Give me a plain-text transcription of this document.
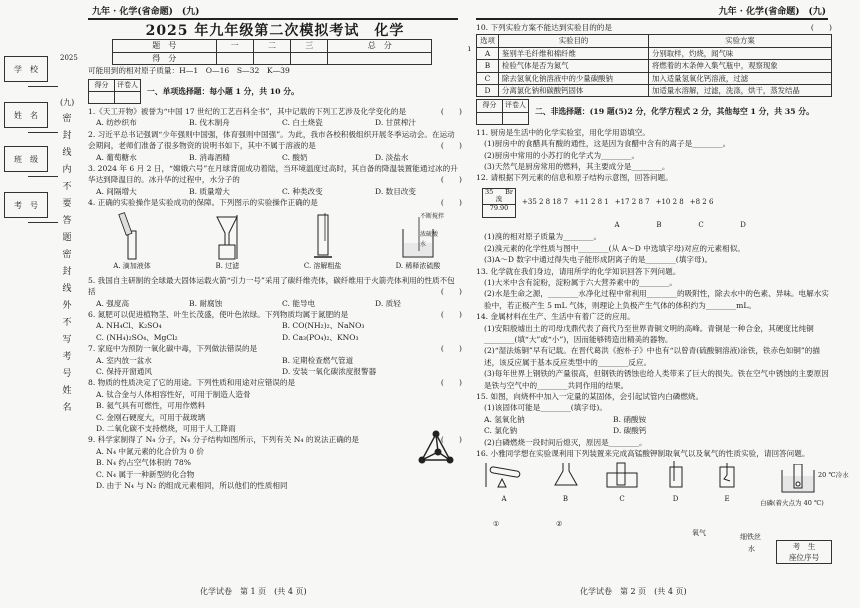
九年 · 化学(省命题)　(九)	九年 · 化学(省命题)　(九)
学　校
姓　名
班　级
考　号
2025
(九)
密
封
线
内
不
要
答
题
密
封
线
外
不
写
考
号
姓
名
2025 年九年级第二次模拟考试　化学
题　号	一	二	三	总　分
得　分				
可能用到的相对原子质量：H—1　O—16　S—32　K—39
得分	评卷人

一、单项选择题：每小题 1 分，共 10 分。
1.《天工开物》被誉为“中国 17 世纪的工艺百科全书”，其中记载的下列工艺涉及化学变化的是	(　　)
A. 纺纱织布	B. 伐木制舟	C. 白土烧瓷	D. 甘蔗榨汁
2. 习近平总书记强调“少年强则中国强，体育强则中国强”。为此，我市各校积极组织开展冬季运动会。在运动会期间，老师们准备了很多物资的说明书如下，其中不属于溶液的是	(　　)
A. 葡萄糖水	B. 消毒酒精	C. 酸奶	D. 淡盐水
3. 2024 年 6 月 2 日，“嫦娥六号”在月球背面成功着陆，当环境温度过高时，其自备的降温装置能通过冰的升华达到降温目的。冰升华的过程中，水分子的	(　　)
A. 间隔增大	B. 质量增大	C. 种类改变	D. 数目改变
4. 正确的实验操作是实验成功的保障。下列图示的实验操作正确的是	(　　)
A. 滴加液体	B. 过滤	C. 溶解粗盐
不断搅拌
浓硫酸
水
D. 稀释浓硫酸
5. 我国自主研制的全球最大固体运载火箭“引力一号”采用了碳纤维壳体，碳纤维用于火箭壳体利用的性质不包括	(　　)
A. 强度高	B. 耐腐蚀	C. 能导电	D. 质轻
6. 氮肥可以促进植物茎、叶生长茂盛，使叶色浓绿。下列物质均属于氮肥的是	(　　)
A. NH₄Cl、K₂SO₄	B. CO(NH₂)₂、NaNO₃
C. (NH₄)₂SO₄、MgCl₂	D. Ca₃(PO₄)₂、KNO₃
7. 家庭中为预防一氧化碳中毒，下列做法错误的是	(　　)
A. 室内放一盆水	B. 定期检查燃气管道
C. 保持开窗通风	D. 安装一氧化碳浓度报警器
8. 物质的性质决定了它的用途。下列性质和用途对应错误的是	(　　)
A. 钛合金与人体相容性好，可用于制造人造骨
B. 氦气具有可燃性，可用作燃料
C. 金刚石硬度大，可用于裁玻璃
D. 二氧化碳不支持燃烧，可用于人工降雨
9. 科学家制得了 N₄ 分子，N₄ 分子结构如图所示，下列有关 N₄ 的说法正确的是	(　　)
A. N₄ 中氮元素的化合价为 0 价
B. N₄ 约占空气体积的 78%
C. N₄ 属于一种新型的化合物
D. 由于 N₄ 与 N₂ 的组成元素相同，所以他们的性质相同
ı
10. 下列实验方案不能达到实验目的的是	(　　)
选项	实验目的	实验方案
A	鉴别羊毛纤维和棉纤维	分别取样，灼烧，闻气味
B	检验气体是否为氮气	将燃着的木条伸入集气瓶中，观察现象
C	除去氢氧化钠溶液中的少量碳酸钠	加入适量氢氧化钙溶液，过滤
D	分离氯化钠和碳酸钙固体	加适量水溶解，过滤，洗涤，烘干，蒸发结晶
得分	评卷人

二、非选择题：(19 题(5)2 分，化学方程式 2 分，其他每空 1 分，共 35 分。
11. 厨房是生活中的化学实验室，用化学用语填空。
(1)厨房中的食醋具有酸的通性，这是因为食醋中含有的离子是________。
(2)厨房中常用的小苏打的化学式为________。
(3)天然气是厨房常用的燃料，其主要成分是________。
12. 请根据下列元素的信息和原子结构示意图，回答问题。
35 Br
溴
79.90
+35 2 8 18 7 +11 2 8 1 +17 2 8 7 +10 2 8 +8 2 6
A	B	C	D
(1)溴的相对原子质量为________。
(2)溴元素的化学性质与图中________(从 A～D 中选填字母)对应的元素相似。
(3)A～D 数字中通过得失电子能形成阴离子的是________(填字母)。
13. 化学就在我们身边，请用所学的化学知识回答下列问题。
(1)大米中含有淀粉，淀粉属于六大营养素中的________。
(2)水是生命之源，________水净化过程中常利用________的吸附性，除去水中的色素、异味。电解水实验中，若正极产生 5 mL 气体，则理论上负极产生气体的体积约为________mL。
14. 金属材料在生产、生活中有着广泛的应用。
(1)安阳殷墟出土的司母戊鼎代表了商代乃至世界青铜文明的高峰。青铜是一种合金，其硬度比纯铜________(填“大”或“小”)，因而能够铸造出精美的器物。
(2)“湿法炼铜”早有记载。在晋代葛洪《抱朴子》中也有“以曾青(硫酸铜溶液)涂铁，铁赤色如铜”的描述，该反应属于基本反应类型中的________反应。
(3)每年世界上钢铁的产量很高，但钢铁的锈蚀也给人类带来了巨大的损失。铁在空气中锈蚀的主要原因是铁与空气中的________共同作用的结果。
15. 如图，向烧杯中加入一定量的某固体，会引起试管内白磷燃烧。
(1)该固体可能是________(填字母)。
A. 氢氧化钠	B. 硝酸铵
C. 氯化钠	D. 碳酸钙
(2)白磷燃烧一段时间后熄灭，原因是________。
16. 小雅同学想在实验课利用下列装置来完成高锰酸钾制取氧气以及氧气的性质实验，请回答问题。
A	B	C	D	E
①	②
氧气	细铁丝
水
20 ℃冷水
白磷(着火点为 40 ℃)
考　生
座位序号
化学试卷　第 1 页　(共 4 页)	化学试卷　第 2 页　(共 4 页)
